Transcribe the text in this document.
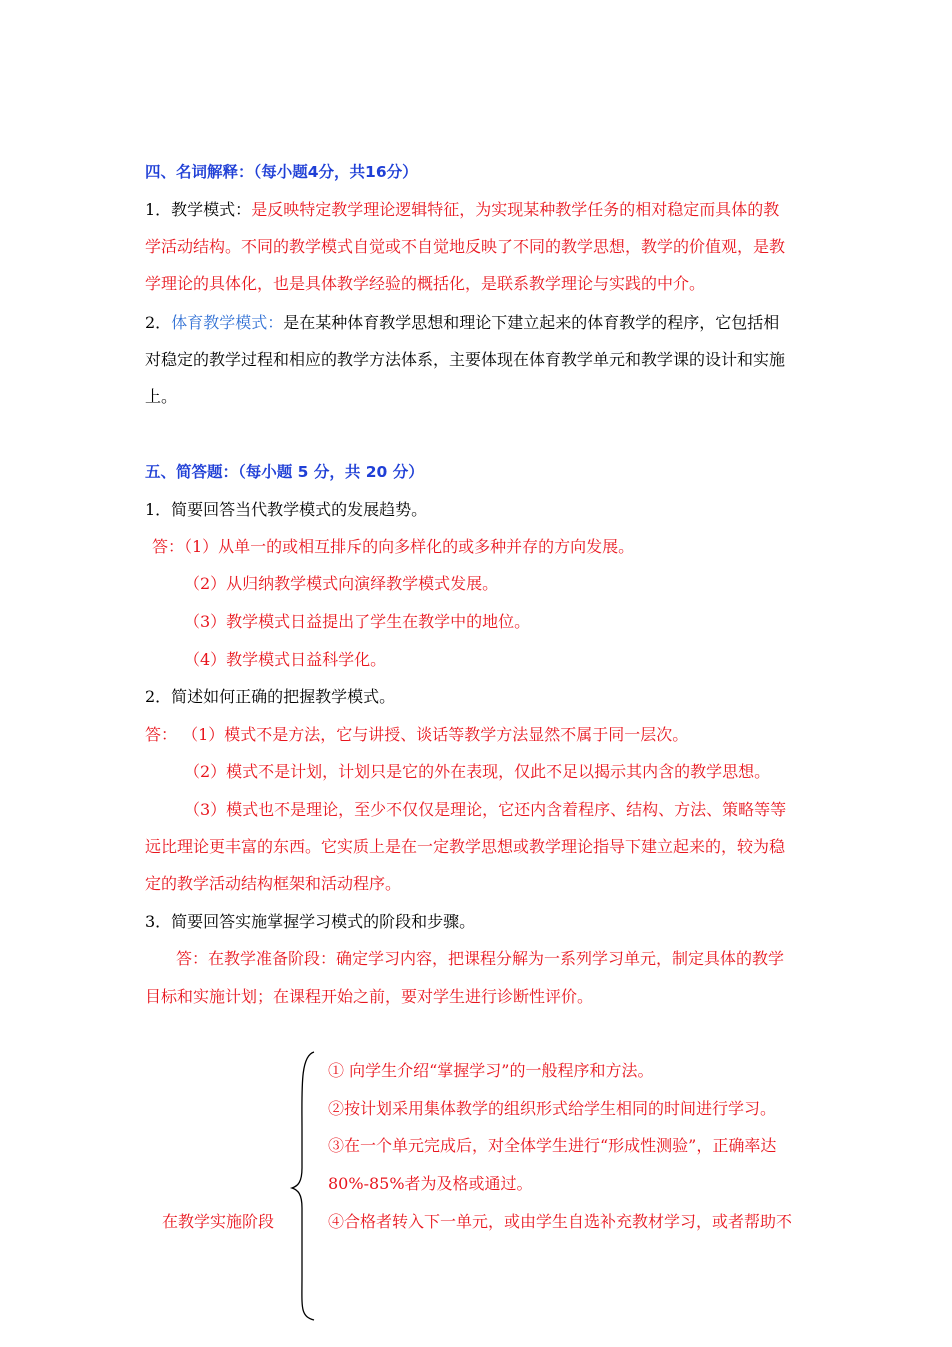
四、名词解释：（每小题4分，共16分）
1．教学模式：是反映特定教学理论逻辑特征，为实现某种教学任务的相对稳定而具体的教
学活动结构。不同的教学模式自觉或不自觉地反映了不同的教学思想，教学的价值观，是教
学理论的具体化，也是具体教学经验的概括化，是联系教学理论与实践的中介。
2．体育教学模式：是在某种体育教学思想和理论下建立起来的体育教学的程序，它包括相
对稳定的教学过程和相应的教学方法体系，主要体现在体育教学单元和教学课的设计和实施
上。
五、简答题：（每小题 5 分，共 20 分）
1．简要回答当代教学模式的发展趋势。
答：（1）从单一的或相互排斥的向多样化的或多种并存的方向发展。
（2）从归纳教学模式向演绎教学模式发展。
（3）教学模式日益提出了学生在教学中的地位。
（4）教学模式日益科学化。
2．简述如何正确的把握教学模式。
答： （1）模式不是方法，它与讲授、谈话等教学方法显然不属于同一层次。
（2）模式不是计划，计划只是它的外在表现，仅此不足以揭示其内含的教学思想。
（3）模式也不是理论，至少不仅仅是理论，它还内含着程序、结构、方法、策略等等
远比理论更丰富的东西。它实质上是在一定教学思想或教学理论指导下建立起来的，较为稳
定的教学活动结构框架和活动程序。
3．简要回答实施掌握学习模式的阶段和步骤。
答：在教学准备阶段：确定学习内容，把课程分解为一系列学习单元，制定具体的教学
目标和实施计划；在课程开始之前，要对学生进行诊断性评价。
在教学实施阶段
① 向学生介绍“掌握学习”的一般程序和方法。
②按计划采用集体教学的组织形式给学生相同的时间进行学习。
③在一个单元完成后，对全体学生进行“形成性测验”，正确率达
80%-85%者为及格或通过。
④合格者转入下一单元，或由学生自选补充教材学习，或者帮助不
